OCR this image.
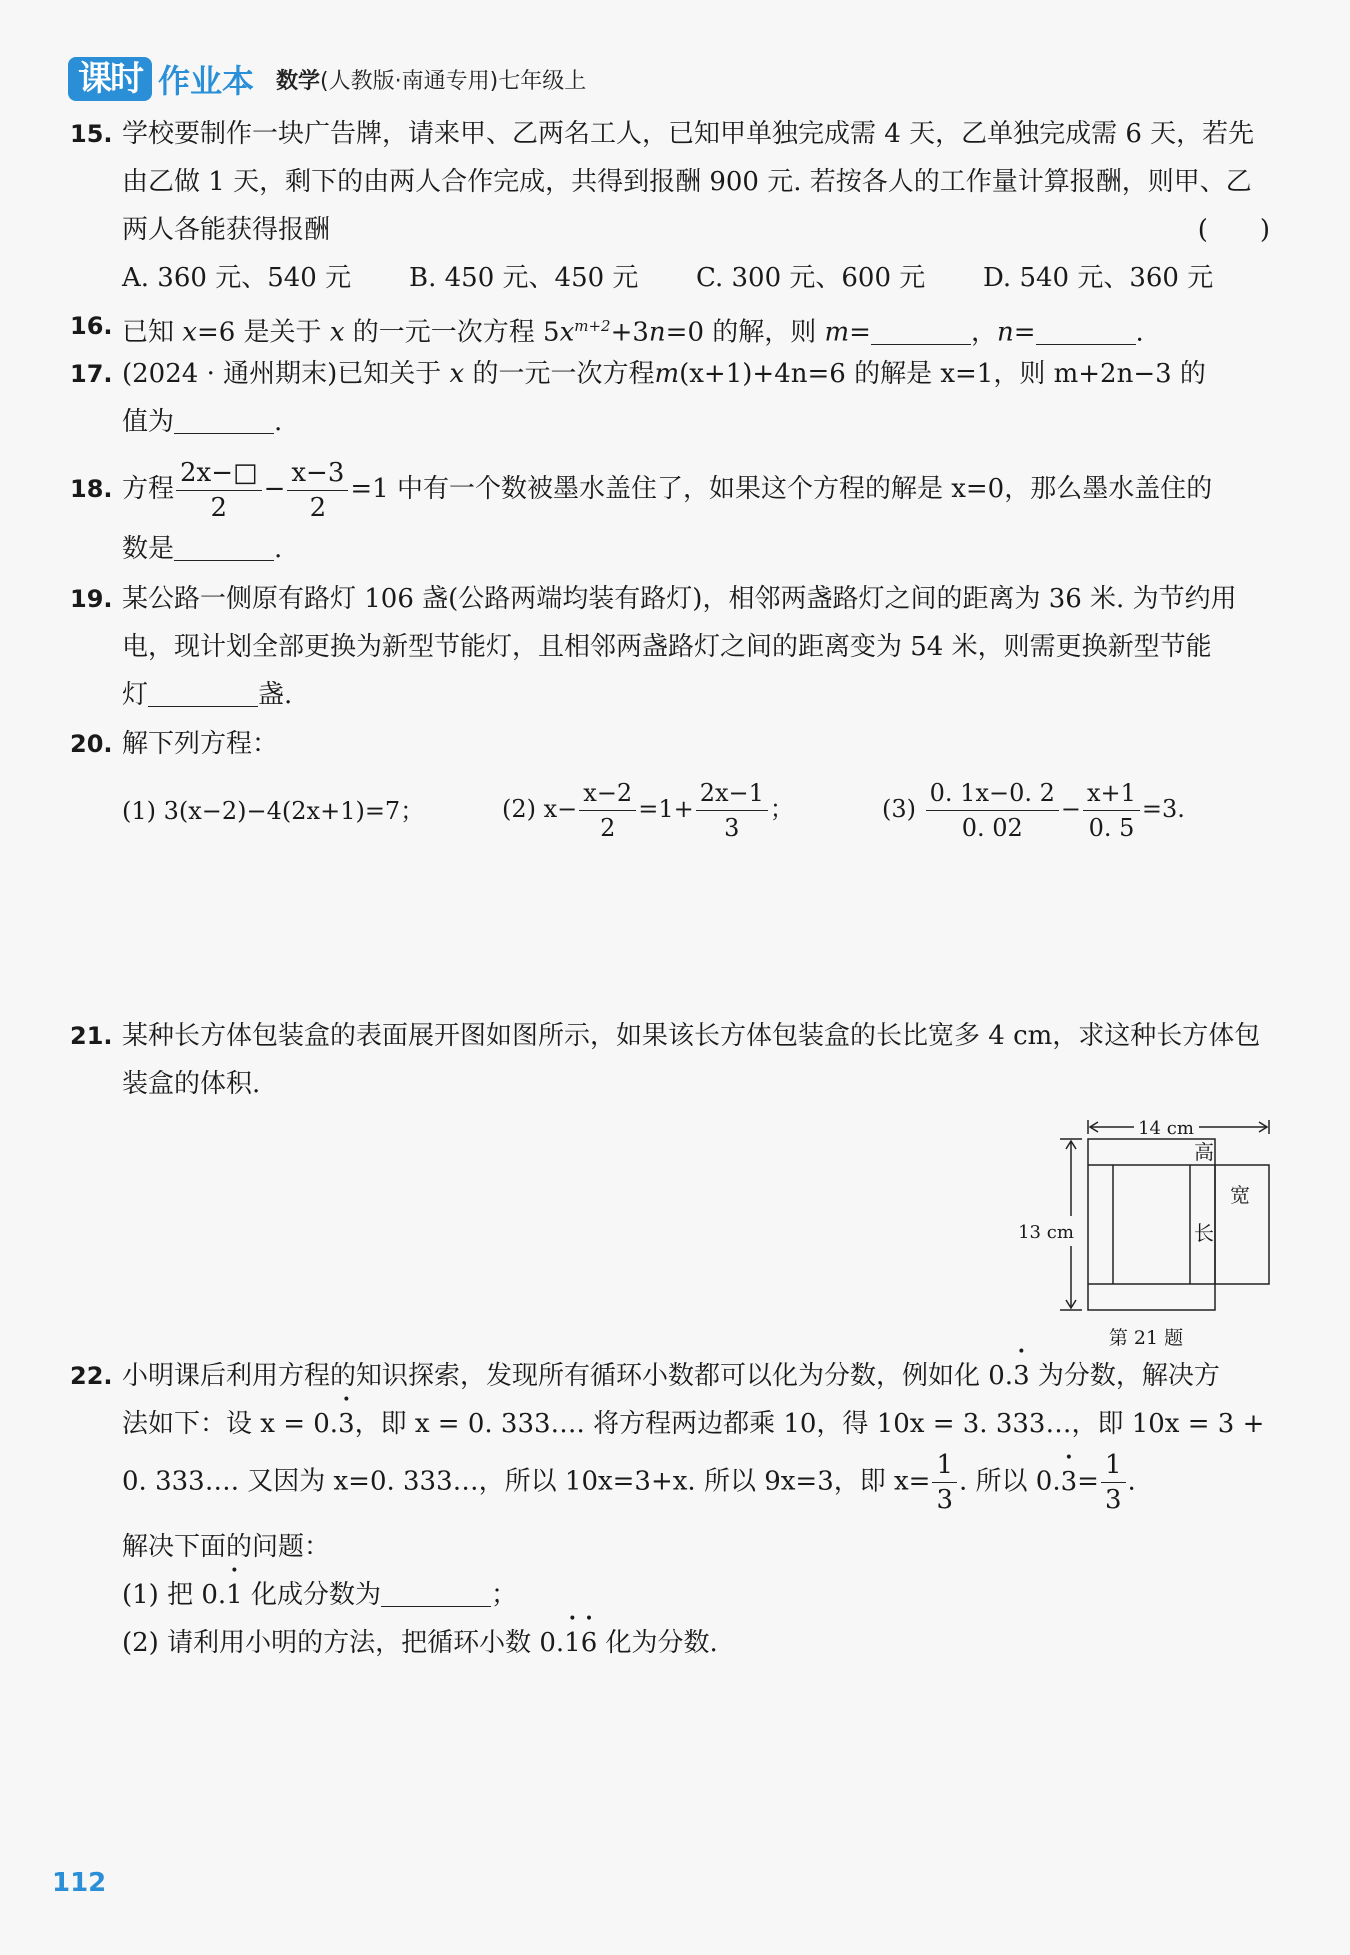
课时 作业本 数学(人教版·南通专用)七年级上
15. 学校要制作一块广告牌，请来甲、乙两名工人，已知甲单独完成需 4 天，乙单独完成需 6 天，若先由乙做 1 天，剩下的由两人合作完成，共得到报酬 900 元. 若按各人的工作量计算报酬，则甲、乙两人各能获得报酬	(　　)
A. 360 元、540 元	B. 450 元、450 元	C. 300 元、600 元	D. 540 元、360 元
16. 已知 x=6 是关于 x 的一元一次方程 $5x^{m+2}+3n=0$ 的解，则 m=	，n=	.
17. (2024 · 通州期末)已知关于 x 的一元一次方程m(x+1)+4n=6 的解是 x=1，则 m+2n−3 的
值为	.
18. 方程 $\frac{2x-□}{2} - \frac{x-3}{2} =1$ 中有一个数被墨水盖住了，如果这个方程的解是 x=0，那么墨水盖住的
数是	.
19. 某公路一侧原有路灯 106 盏(公路两端均装有路灯)，相邻两盏路灯之间的距离为 36 米. 为节约用电，现计划全部更换为新型节能灯，且相邻两盏路灯之间的距离变为 54 米，则需更换新型节能
灯	盏.
20. 解下列方程：
(1) 3(x−2)−4(2x+1)=7；	(2) $x- \frac{x-2}{2} =1+ \frac{2x-1}{3}$ ；	$(3) \frac{0. 1x-0. 2}{0. 02} - \frac{x+1}{0. 5} =3$.
21. 某种长方体包装盒的表面展开图如图所示，如果该长方体包装盒的长比宽多 4 cm，求这种长方体包装盒的体积.
14 cm
13 cm
高
宽
长
第 21 题
22. 小明课后利用方程的知识探索，发现所有循环小数都可以化为分数，例如化 0.• 3 为分数，解决方
法如下：设 x = 0.• 3，即 x = 0. 333…. 将方程两边都乘 10，得 10x = 3. 333…，即 10x = 3 +
0. 333…. 又因为 x=0. 333…，所以 10x=3+x. 所以 9x=3，即 $x= \frac{1}{3}$ . 所以 0.• $3= \frac{1}{3}$ .
解决下面的问题：
(1) 把 0.• 1 化成分数为	；
(2) 请利用小明的方法，把循环小数 0.• 1• 6 化为分数.
112
